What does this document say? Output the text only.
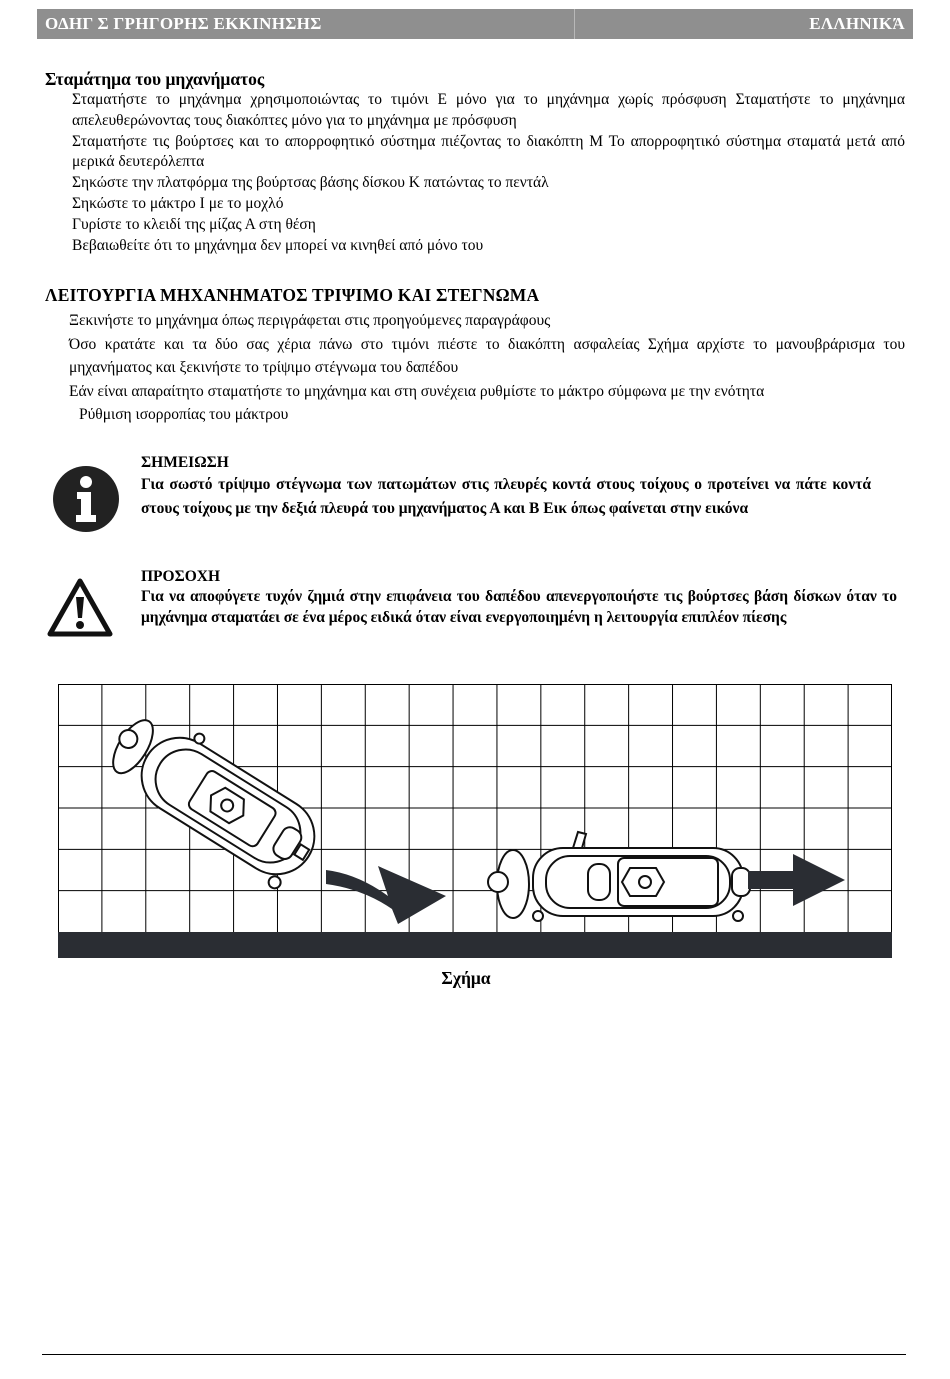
ΟΔΗΓ Σ ΓΡΗΓΟΡΗΣ ΕΚΚΙΝΗΣΗΣ	ΕΛΛΗΝΙΚΆ

Σταμάτημα του μηχανήματος

Σταματήστε το μηχάνημα χρησιμοποιώντας το τιμόνι Ε μόνο για το μηχάνημα χωρίς πρόσφυση Σταματήστε το μηχάνημα απελευθερώνοντας τους διακόπτες μόνο για το μηχάνημα με πρόσφυση

Σταματήστε τις βούρτσες και το απορροφητικό σύστημα πιέζοντας το διακόπτη Μ Το απορροφητικό σύστημα σταματά μετά από μερικά δευτερόλεπτα

Σηκώστε την πλατφόρμα της βούρτσας βάσης δίσκου Κ πατώντας το πεντάλ

Σηκώστε το μάκτρο Ι με το μοχλό

Γυρίστε το κλειδί της μίζας Α στη θέση

Βεβαιωθείτε ότι το μηχάνημα δεν μπορεί να κινηθεί από μόνο του

ΛΕΙΤΟΥΡΓΙΑ ΜΗΧΑΝΗΜΑΤΟΣ ΤΡΙΨΙΜΟ ΚΑΙ ΣΤΕΓΝΩΜΑ

Ξεκινήστε το μηχάνημα όπως περιγράφεται στις προηγούμενες παραγράφους

Όσο κρατάτε και τα δύο σας χέρια πάνω στο τιμόνι πιέστε το διακόπτη ασφαλείας Σχήμα αρχίστε το μανουβράρισμα του μηχανήματος και ξεκινήστε το τρίψιμο στέγνωμα του δαπέδου

Εάν είναι απαραίτητο σταματήστε το μηχάνημα και στη συνέχεια ρυθμίστε το μάκτρο σύμφωνα με την ενότητα

Ρύθμιση ισορροπίας του μάκτρου

ΣΗΜΕΙΩΣΗ
Για σωστό τρίψιμο στέγνωμα των πατωμάτων στις πλευρές κοντά στους τοίχους ο προτείνει να πάτε κοντά στους τοίχους με την δεξιά πλευρά του μηχανήματος Α και Β Εικ όπως φαίνεται στην εικόνα
ΠΡΟΣΟΧΗ
Για να αποφύγετε τυχόν ζημιά στην επιφάνεια του δαπέδου απενεργοποιήστε τις βούρτσες βάση δίσκων όταν το μηχάνημα σταματάει σε ένα μέρος ειδικά όταν είναι ενεργοποιημένη η λειτουργία επιπλέον πίεσης
Σχήμα
